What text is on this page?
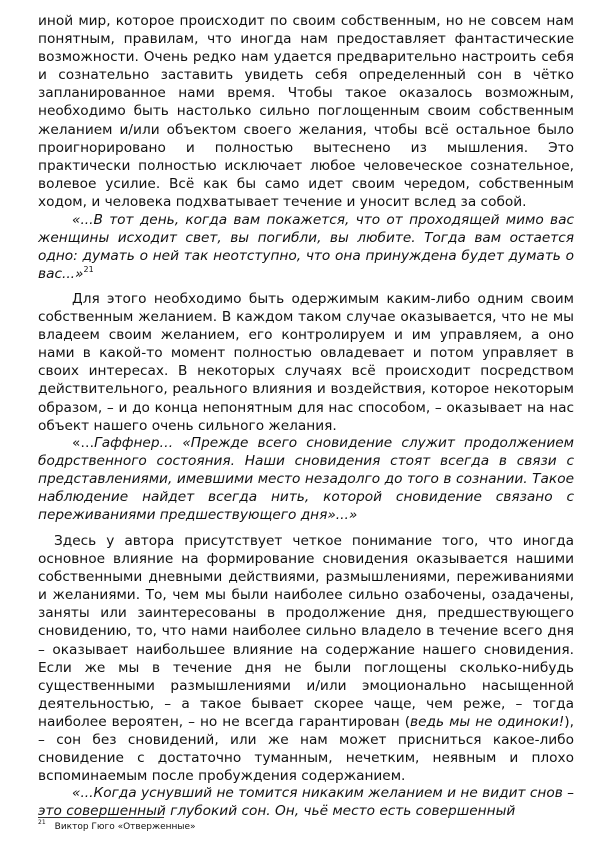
иной мир, которое происходит по своим собственным, но не совсем нам понятным, правилам, что иногда нам предоставляет фантастические возможности. Очень редко нам удается предварительно настроить себя и сознательно заставить увидеть себя определенный сон в чётко запланированное нами время. Чтобы такое оказалось возможным, необходимо быть настолько сильно поглощенным своим собственным желанием и/или объектом своего желания, чтобы всё остальное было проигнорировано и полностью вытеснено из мышления. Это практически полностью исключает любое человеческое сознательное, волевое усилие. Всё как бы само идет своим чередом, собственным ходом, и человека подхватывает течение и уносит вслед за собой.

«...В тот день, когда вам покажется, что от проходящей мимо вас женщины исходит свет, вы погибли, вы любите. Тогда вам остается одно: думать о ней так неотступно, что она принуждена будет думать о вас...»$^{21}$

Для этого необходимо быть одержимым каким-либо одним своим собственным желанием. В каждом таком случае оказывается, что не мы владеем своим желанием, его контролируем и им управляем, а оно нами в какой-то момент полностью овладевает и потом управляет в своих интересах. В некоторых случаях всё происходит посредством действительного, реального влияния и воздействия, которое некоторым образом, – и до конца непонятным для нас способом, – оказывает на нас объект нашего очень сильного желания.

«…Гаффнер… «Прежде всего сновидение служит продолжением бодрственного состояния. Наши сновидения стоят всегда в связи с представлениями, имевшими место незадолго до того в сознании. Такое наблюдение найдет всегда нить, которой сновидение связано с переживаниями предшествующего дня»...»

Здесь у автора присутствует четкое понимание того, что иногда основное влияние на формирование сновидения оказывается нашими собственными дневными действиями, размышлениями, переживаниями и желаниями. То, чем мы были наиболее сильно озабочены, озадачены, заняты или заинтересованы в продолжение дня, предшествующего сновидению, то, что нами наиболее сильно владело в течение всего дня – оказывает наибольшее влияние на содержание нашего сновидения. Если же мы в течение дня не были поглощены сколько-нибудь существенными размышлениями и/или эмоционально насыщенной деятельностью, – а такое бывает скорее чаще, чем реже, – тогда наиболее вероятен, – но не всегда гарантирован (ведь мы не одиноки!), – сон без сновидений, или же нам может присниться какое-либо сновидение с достаточно туманным, нечетким, неявным и плохо вспоминаемым после пробуждения содержанием.

«...Когда уснувший не томится никаким желанием и не видит снов – это совершенный глубокий сон. Он, чьё место есть совершенный

$^{21}$ Виктор Гюго «Отверженные»
